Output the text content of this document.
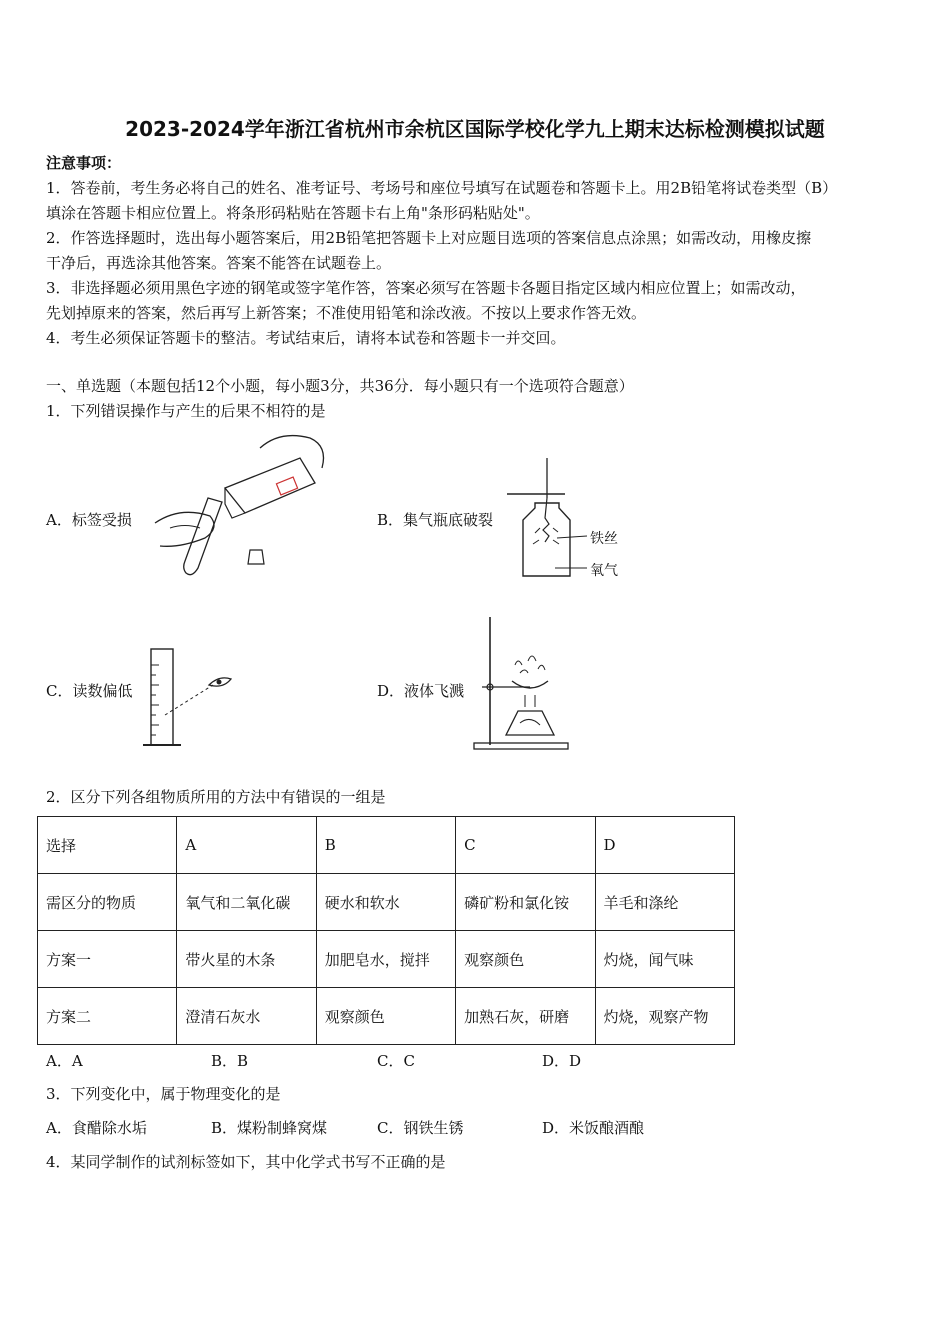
2023-2024学年浙江省杭州市余杭区国际学校化学九上期末达标检测模拟试题
注意事项：
1．答卷前，考生务必将自己的姓名、准考证号、考场号和座位号填写在试题卷和答题卡上。用2B铅笔将试卷类型（B）
填涂在答题卡相应位置上。将条形码粘贴在答题卡右上角"条形码粘贴处"。
2．作答选择题时，选出每小题答案后，用2B铅笔把答题卡上对应题目选项的答案信息点涂黑；如需改动，用橡皮擦
干净后，再选涂其他答案。答案不能答在试题卷上。
3．非选择题必须用黑色字迹的钢笔或签字笔作答，答案必须写在答题卡各题目指定区域内相应位置上；如需改动，
先划掉原来的答案，然后再写上新答案；不准使用铅笔和涂改液。不按以上要求作答无效。
4．考生必须保证答题卡的整洁。考试结束后，请将本试卷和答题卡一并交回。
一、单选题（本题包括12个小题，每小题3分，共36分．每小题只有一个选项符合题意）
1．下列错误操作与产生的后果不相符的是
A．标签受损	B．集气瓶底破裂
C．读数偏低	D．液体飞溅
铁丝
氧气
2．区分下列各组物质所用的方法中有错误的一组是
选择	A	B	C	D
需区分的物质	氧气和二氧化碳	硬水和软水	磷矿粉和氯化铵	羊毛和涤纶
方案一	带火星的木条	加肥皂水，搅拌	观察颜色	灼烧，闻气味
方案二	澄清石灰水	观察颜色	加熟石灰，研磨	灼烧，观察产物
A．A	B．B	C．C	D．D
3．下列变化中，属于物理变化的是
A．食醋除水垢	B．煤粉制蜂窝煤	C．钢铁生锈	D．米饭酿酒酿
4．某同学制作的试剂标签如下，其中化学式书写不正确的是
